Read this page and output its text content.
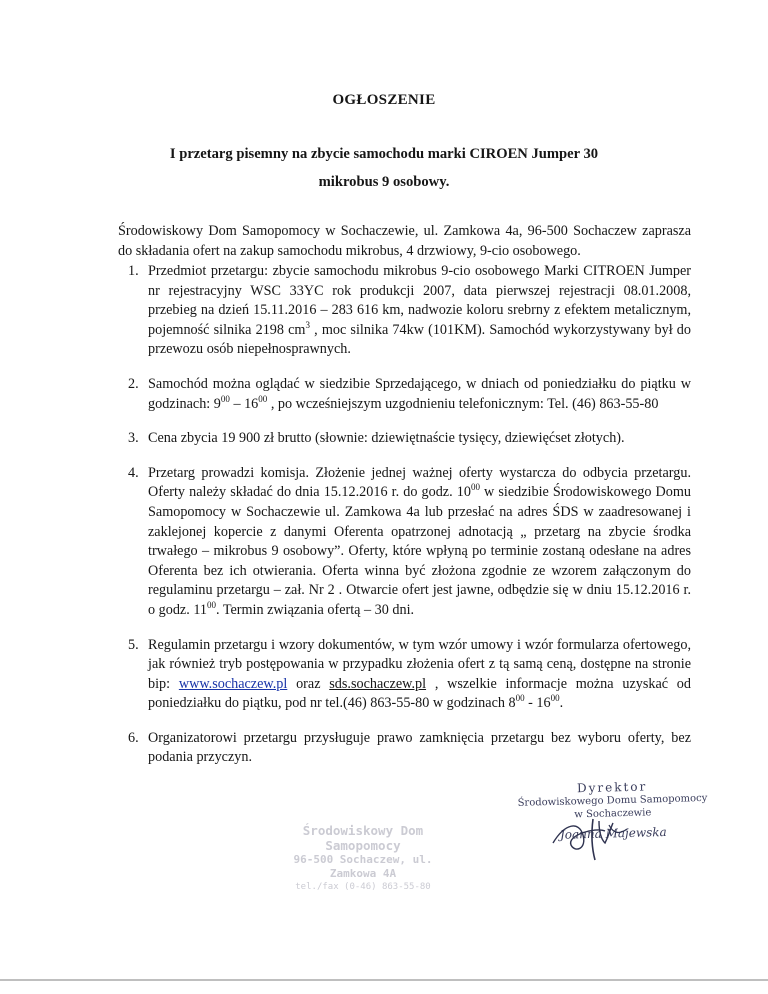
OGŁOSZENIE
I przetarg pisemny na zbycie samochodu marki CIROEN Jumper 30
mikrobus 9 osobowy.
Środowiskowy Dom Samopomocy w Sochaczewie, ul. Zamkowa 4a, 96-500 Sochaczew zaprasza do składania ofert na zakup samochodu mikrobus, 4 drzwiowy, 9-cio osobowego.
1. Przedmiot przetargu: zbycie samochodu mikrobus 9-cio osobowego Marki CITROEN Jumper nr rejestracyjny WSC 33YC rok produkcji 2007, data pierwszej rejestracji 08.01.2008, przebieg na dzień 15.11.2016 – 283 616 km, nadwozie koloru srebrny z efektem metalicznym, pojemność silnika 2198 $cm^3$ , moc silnika 74kw (101KM). Samochód wykorzystywany był do przewozu osób niepełnosprawnych.
2. Samochód można oglądać w siedzibie Sprzedającego, w dniach od poniedziałku do piątku w godzinach: $9^{00} - 16^{00}$ , po wcześniejszym uzgodnieniu telefonicznym: Tel. (46) 863-55-80
3. Cena zbycia 19 900 zł brutto (słownie: dziewiętnaście tysięcy, dziewięćset złotych).
4. Przetarg prowadzi komisja. Złożenie jednej ważnej oferty wystarcza do odbycia przetargu. Oferty należy składać do dnia 15.12.2016 r. do godz. $10^{00}$ w siedzibie Środowiskowego Domu Samopomocy w Sochaczewie ul. Zamkowa 4a lub przesłać na adres ŚDS w zaadresowanej i zaklejonej kopercie z danymi Oferenta opatrzonej adnotacją „ przetarg na zbycie środka trwałego – mikrobus 9 osobowy”. Oferty, które wpłyną po terminie zostaną odesłane na adres Oferenta bez ich otwierania. Oferta winna być złożona zgodnie ze wzorem załączonym do regulaminu przetargu – zał. Nr 2 . Otwarcie ofert jest jawne, odbędzie się w dniu 15.12.2016 r. o godz. $11^{00}$. Termin związania ofertą – 30 dni.
5. Regulamin przetargu i wzory dokumentów, w tym wzór umowy i wzór formularza ofertowego, jak również tryb postępowania w przypadku złożenia ofert z tą samą ceną, dostępne na stronie bip: www.sochaczew.pl oraz sds.sochaczew.pl , wszelkie informacje można uzyskać od poniedziałku do piątku, pod nr tel.(46) 863-55-80 w godzinach $8^{00} - 16^{00}$.
6. Organizatorowi przetargu przysługuje prawo zamknięcia przetargu bez wyboru oferty, bez podania przyczyn.
Środowiskowy Dom Samopomocy
96-500 Sochaczew, ul. Zamkowa 4A
tel./fax (0-46) 863-55-80
Dyrektor
Środowiskowego Domu Samopomocy
w Sochaczewie
Joanna Majewska
